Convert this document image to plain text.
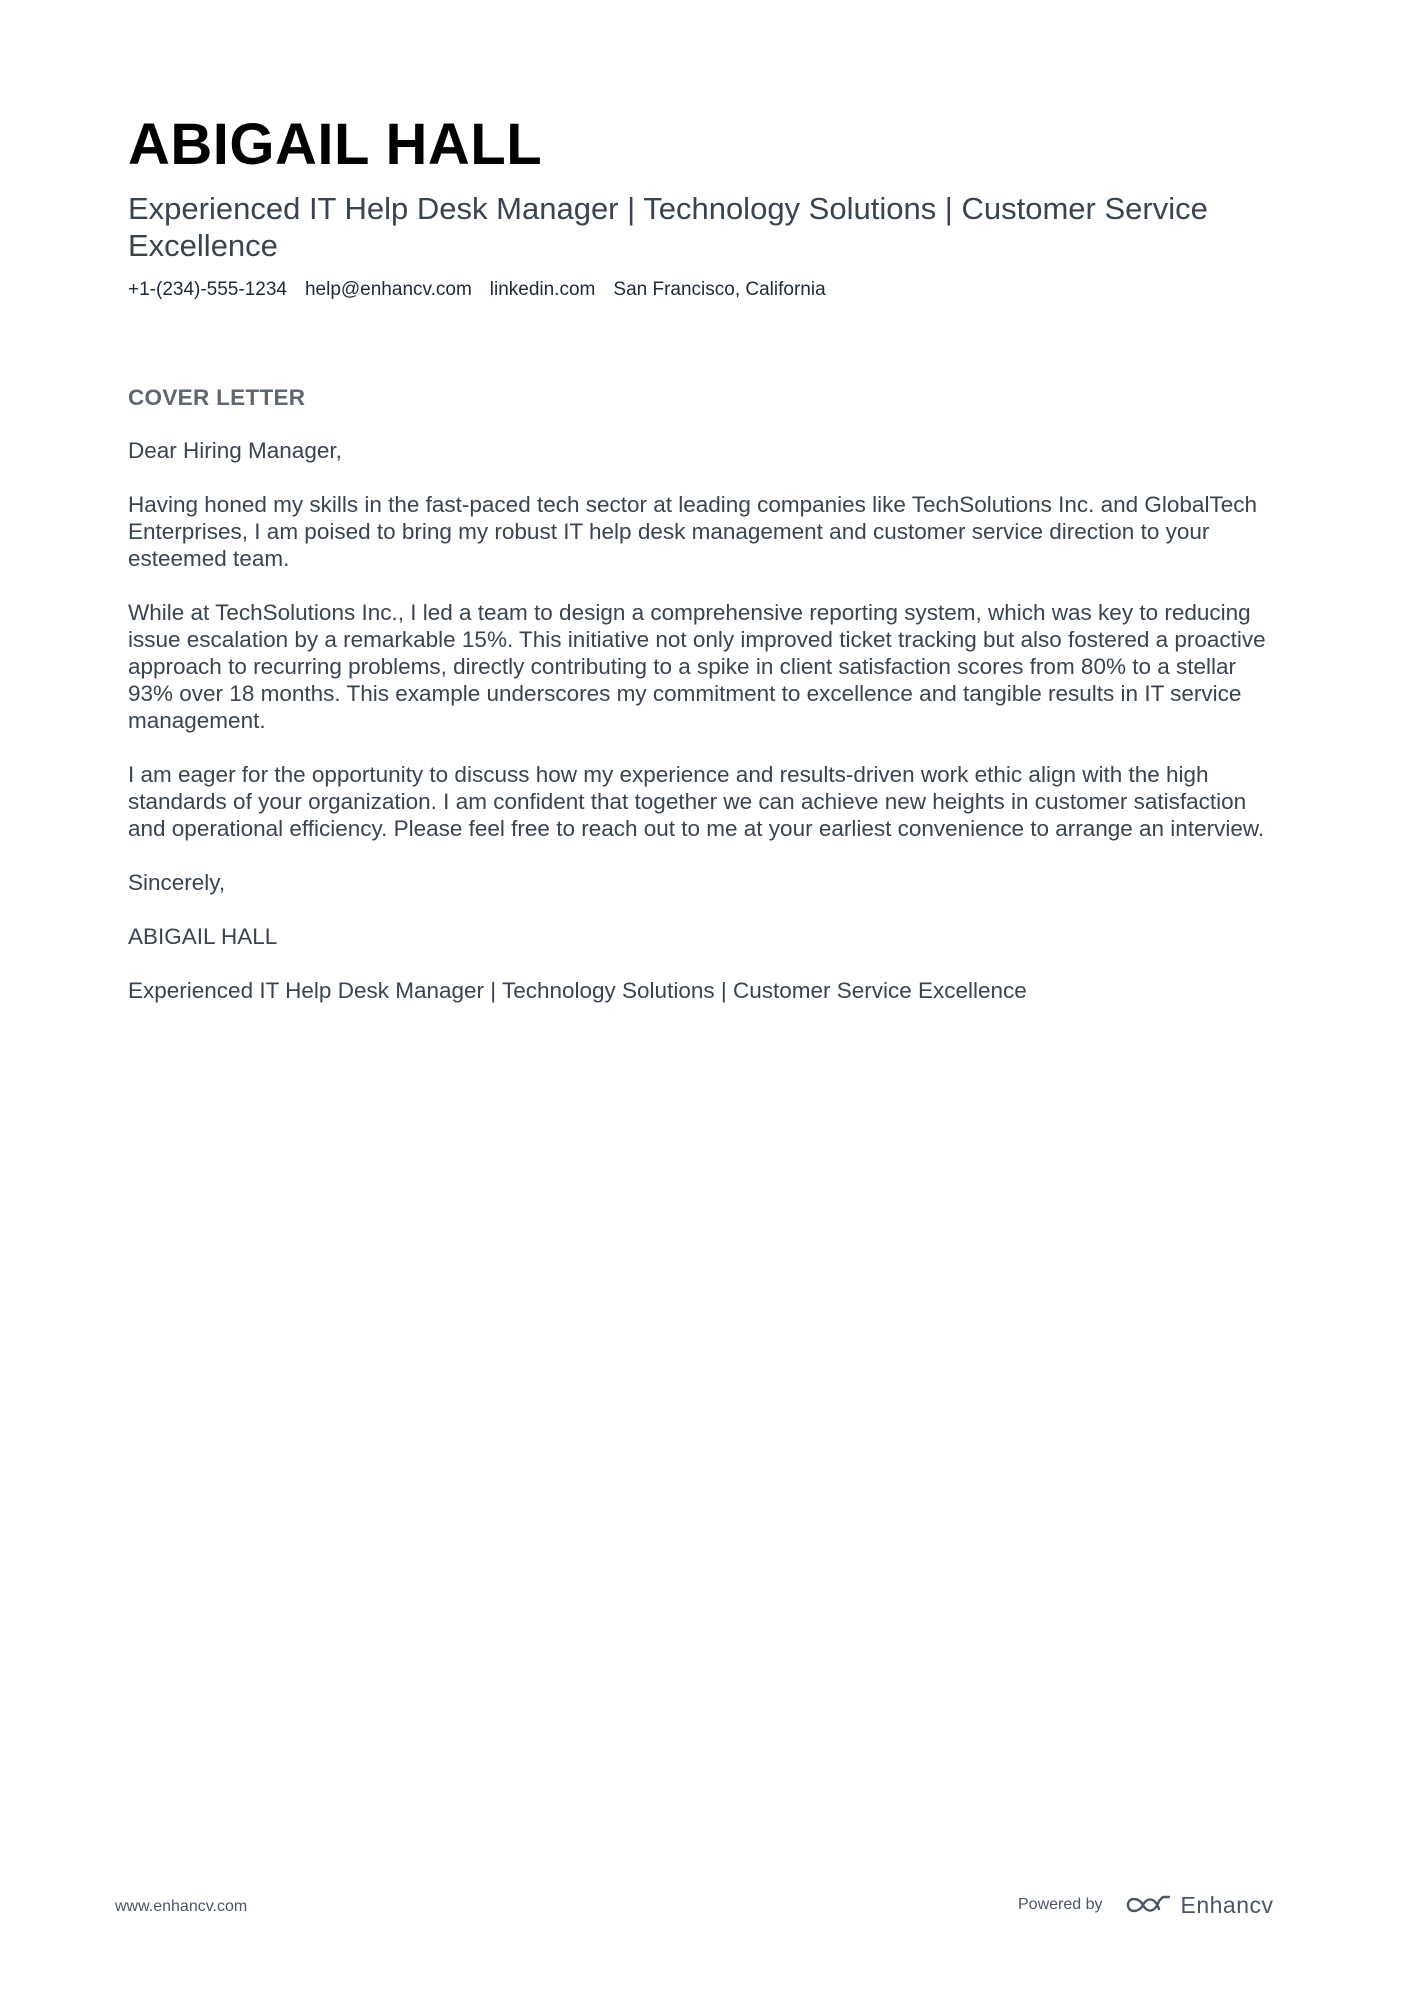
ABIGAIL HALL
Experienced IT Help Desk Manager | Technology Solutions | Customer Service Excellence
+1-(234)-555-1234 help@enhancv.com linkedin.com San Francisco, California
COVER LETTER

Dear Hiring Manager,

Having honed my skills in the fast-paced tech sector at leading companies like TechSolutions Inc. and GlobalTech Enterprises, I am poised to bring my robust IT help desk management and customer service direction to your esteemed team.

While at TechSolutions Inc., I led a team to design a comprehensive reporting system, which was key to reducing issue escalation by a remarkable 15%. This initiative not only improved ticket tracking but also fostered a proactive approach to recurring problems, directly contributing to a spike in client satisfaction scores from 80% to a stellar 93% over 18 months. This example underscores my commitment to excellence and tangible results in IT service management.

I am eager for the opportunity to discuss how my experience and results-driven work ethic align with the high standards of your organization. I am confident that together we can achieve new heights in customer satisfaction and operational efficiency. Please feel free to reach out to me at your earliest convenience to arrange an interview.

Sincerely,

ABIGAIL HALL

Experienced IT Help Desk Manager | Technology Solutions | Customer Service Excellence

www.enhancv.com	Powered by	Enhancv
